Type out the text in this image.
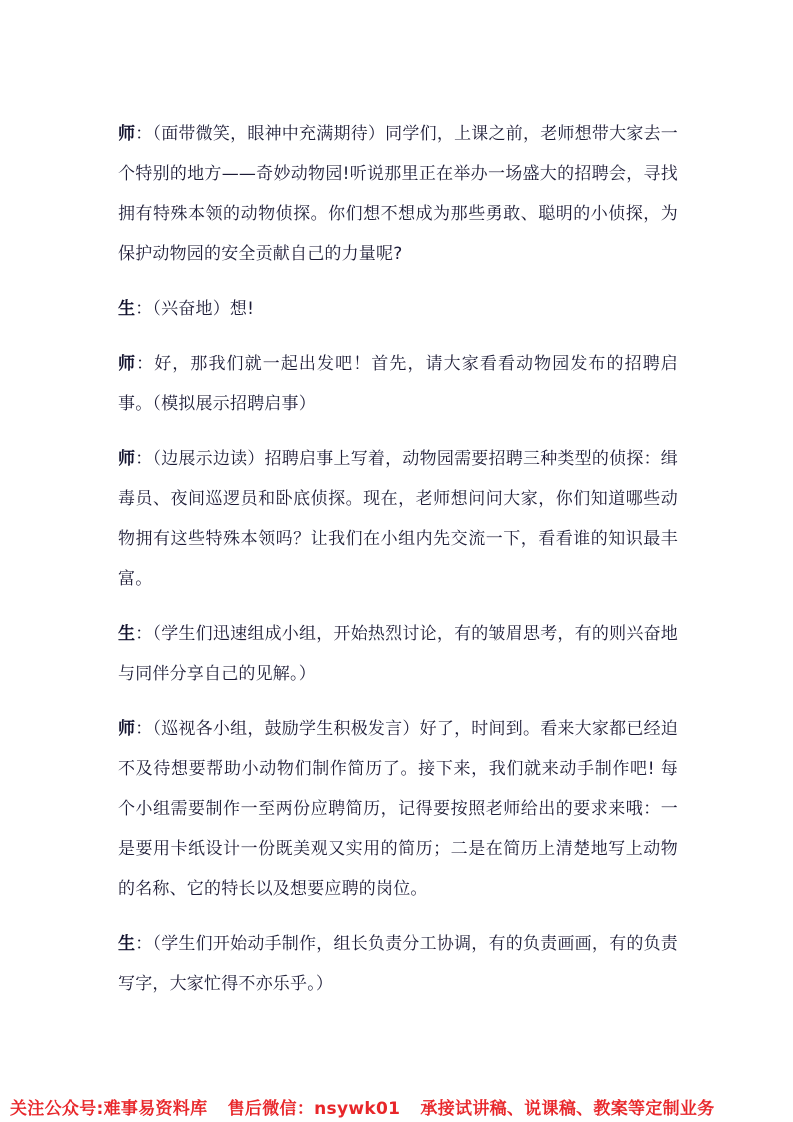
师：（面带微笑，眼神中充满期待）同学们，上课之前，老师想带大家去一个特别的地方——奇妙动物园!听说那里正在举办一场盛大的招聘会，寻找拥有特殊本领的动物侦探。你们想不想成为那些勇敢、聪明的小侦探，为保护动物园的安全贡献自己的力量呢?

生：（兴奋地）想!

师：好，那我们就一起出发吧！首先，请大家看看动物园发布的招聘启事。（模拟展示招聘启事）

师：（边展示边读）招聘启事上写着，动物园需要招聘三种类型的侦探：缉毒员、夜间巡逻员和卧底侦探。现在，老师想问问大家，你们知道哪些动物拥有这些特殊本领吗？让我们在小组内先交流一下，看看谁的知识最丰富。

生：（学生们迅速组成小组，开始热烈讨论，有的皱眉思考，有的则兴奋地与同伴分享自己的见解。）

师：（巡视各小组，鼓励学生积极发言）好了，时间到。看来大家都已经迫不及待想要帮助小动物们制作简历了。接下来，我们就来动手制作吧! 每个小组需要制作一至两份应聘简历，记得要按照老师给出的要求来哦：一是要用卡纸设计一份既美观又实用的简历；二是在简历上清楚地写上动物的名称、它的特长以及想要应聘的岗位。

生：（学生们开始动手制作，组长负责分工协调，有的负责画画，有的负责写字，大家忙得不亦乐乎。）

关注公众号:难事易资料库 售后微信：nsywk01 承接试讲稿、说课稿、教案等定制业务
